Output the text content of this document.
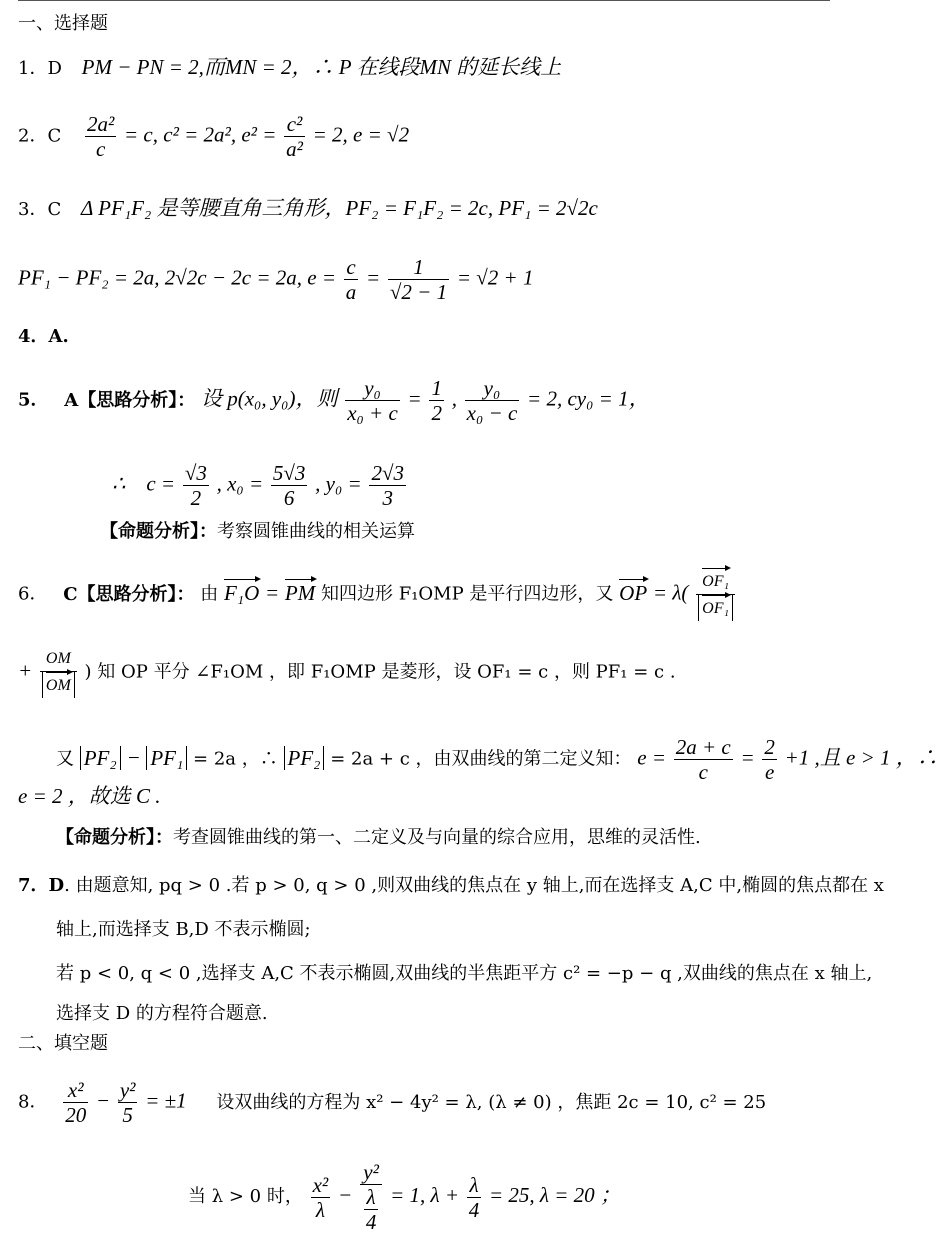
一、选择题
1．D PM − PN = 2,而MN = 2，∴ P 在线段MN 的延长线上
2．C $\frac{\text{2a²}}{c} = c$, c² = 2a², $e^2 = \frac{\text{c²}}{\text{a²}} = 2$, e = √2
3．C Δ PF₁F₂ 是等腰直角三角形，PF₂ = F₁F₂ = 2c, PF₁ = 2√2c
PF₁ − PF₂ = 2a, 2√2c − 2c = 2a, $e = \frac{c}{a} = \frac{1}{√2 - 1} = √2 + 1$
4．A.
5． A【思路分析】： 设 p(x₀, y₀)，则 $\frac{\text{y₀}}{\text{x₀ + c}} = \frac{1}{2}$ , $\frac{\text{y₀}}{\text{x₀ − c}} = 2$, cy₀ = 1，
∴　$c = \frac{√3}{2}$ , $x_0 = \frac{5√3}{6}$ , $y_0 = \frac{2√3}{3}$
【命题分析】：考察圆锥曲线的相关运算
6． C【思路分析】： 由 F₁O = PM 知四边形 F₁OMP 是平行四边形，又 OP = $\lambda( \frac{\text{OF₁}}{\text{OF₁}}$
+ $\frac{OM}{OM}$ ) 知 OP 平分 ∠F₁OM ，即 F₁OMP 是菱形，设 OF₁ = c ，则 PF₁ = c .
又 PF₂ − PF₁ = 2a ，∴ PF₂ = 2a + c ，由双曲线的第二定义知： $e = \frac{2a + c}{c} = \frac{2}{e} +1$ ,且 e > 1 ，∴
e = 2 ，故选 C .
【命题分析】：考查圆锥曲线的第一、二定义及与向量的综合应用，思维的灵活性.
7．D. 由题意知, pq > 0 .若 p > 0, q > 0 ,则双曲线的焦点在 y 轴上,而在选择支 A,C 中,椭圆的焦点都在 x
轴上,而选择支 B,D 不表示椭圆;
若 p < 0, q < 0 ,选择支 A,C 不表示椭圆,双曲线的半焦距平方 c² = −p − q ,双曲线的焦点在 x 轴上,
选择支 D 的方程符合题意.
二、填空题
8． $\frac{\text{x²}}{20} - \frac{\text{y²}}{5} = \pm 1$ 设双曲线的方程为 x² − 4y² = λ, (λ ≠ 0) ，焦距 2c = 10, c² = 25
当 λ > 0 时， $\frac{\text{x²}}{\lambda} - \frac{\text{y²}}{\frac{\lambda}{4}} = 1$, $\lambda + \frac{\lambda}{4} = 25$, λ = 20 ；
